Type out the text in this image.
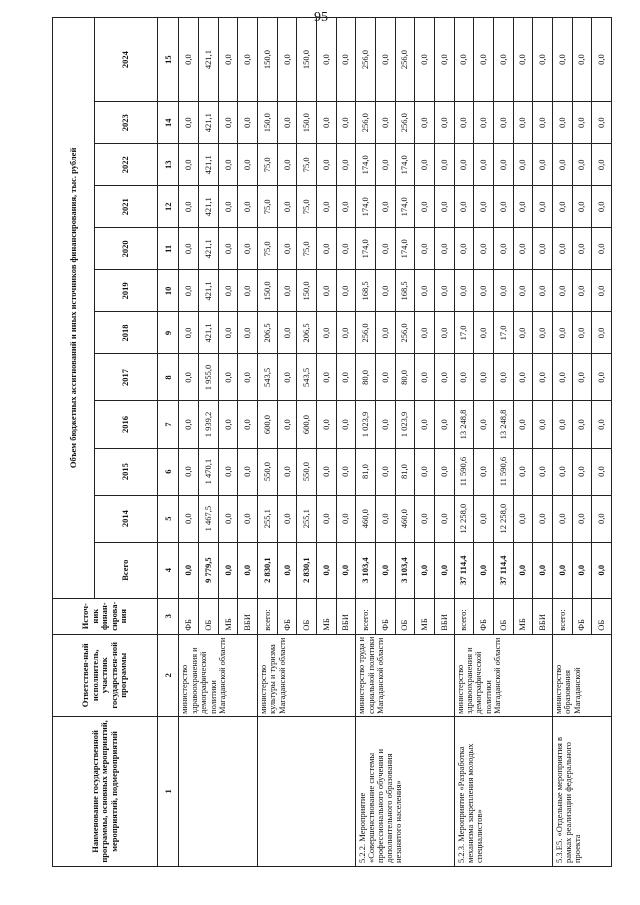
95
Наименование государственной программы, основных мероприятий, мероприятий, подмероприятий	Ответствен-ный исполнитель, участник государствен-ной программы	Источ-ник финан-сирова-ния	Объем бюджетных ассигнований и иных источников финансирования, тыс. рублей											
			Всего	2014	2015	2016	2017	2018	2019	2020	2021	2022	2023	2024
1	2	3	4	5	6	7	8	9	10	11	12	13	14	15
	министерство здравоохранения и демографической политики Магаданской области	ФБ	0,0	0,0	0,0	0,0	0,0	0,0	0,0	0,0	0,0	0,0	0,0	0,0
		ОБ	9 779,5	1 467,5	1 470,1	1 939,2	1 955,0	421,1	421,1	421,1	421,1	421,1	421,1	421,1
		МБ	0,0	0,0	0,0	0,0	0,0	0,0	0,0	0,0	0,0	0,0	0,0	0,0
		ВБИ	0,0	0,0	0,0	0,0	0,0	0,0	0,0	0,0	0,0	0,0	0,0	0,0
	министерство культуры и туризма Магаданской области	всего:	2 830,1	255,1	550,0	600,0	543,5	206,5	150,0	75,0	75,0	75,0	150,0	150,0
		ФБ	0,0	0,0	0,0	0,0	0,0	0,0	0,0	0,0	0,0	0,0	0,0	0,0
		ОБ	2 830,1	255,1	550,0	600,0	543,5	206,5	150,0	75,0	75,0	75,0	150,0	150,0
		МБ	0,0	0,0	0,0	0,0	0,0	0,0	0,0	0,0	0,0	0,0	0,0	0,0
		ВБИ	0,0	0,0	0,0	0,0	0,0	0,0	0,0	0,0	0,0	0,0	0,0	0,0
5.2.2. Мероприятие «Совершенствование системы профессионального обучения и дополнительного образования незанятого населения»	министерство труда и социальной политики Магаданской области	всего:	3 103,4	460,0	81,0	1 023,9	80,0	256,0	168,5	174,0	174,0	174,0	256,0	256,0
		ФБ	0,0	0,0	0,0	0,0	0,0	0,0	0,0	0,0	0,0	0,0	0,0	0,0
		ОБ	3 103,4	460,0	81,0	1 023,9	80,0	256,0	168,5	174,0	174,0	174,0	256,0	256,0
		МБ	0,0	0,0	0,0	0,0	0,0	0,0	0,0	0,0	0,0	0,0	0,0	0,0
		ВБИ	0,0	0,0	0,0	0,0	0,0	0,0	0,0	0,0	0,0	0,0	0,0	0,0
5.2.3. Мероприятие «Разработка механизма закрепления молодых специалистов»	министерство здравоохранения и демографической политики Магаданской области	всего:	37 114,4	12 258,0	11 590,6	13 248,8	0,0	17,0	0,0	0,0	0,0	0,0	0,0	0,0
		ФБ	0,0	0,0	0,0	0,0	0,0	0,0	0,0	0,0	0,0	0,0	0,0	0,0
		ОБ	37 114,4	12 258,0	11 590,6	13 248,8	0,0	17,0	0,0	0,0	0,0	0,0	0,0	0,0
		МБ	0,0	0,0	0,0	0,0	0,0	0,0	0,0	0,0	0,0	0,0	0,0	0,0
		ВБИ	0,0	0,0	0,0	0,0	0,0	0,0	0,0	0,0	0,0	0,0	0,0	0,0
5.3.Е5. «Отдельные мероприятия в рамках реализации федерального проекта	министерство образования Магаданской	всего:	0,0	0,0	0,0	0,0	0,0	0,0	0,0	0,0	0,0	0,0	0,0	0,0
		ФБ	0,0	0,0	0,0	0,0	0,0	0,0	0,0	0,0	0,0	0,0	0,0	0,0
		ОБ	0,0	0,0	0,0	0,0	0,0	0,0	0,0	0,0	0,0	0,0	0,0	0,0
